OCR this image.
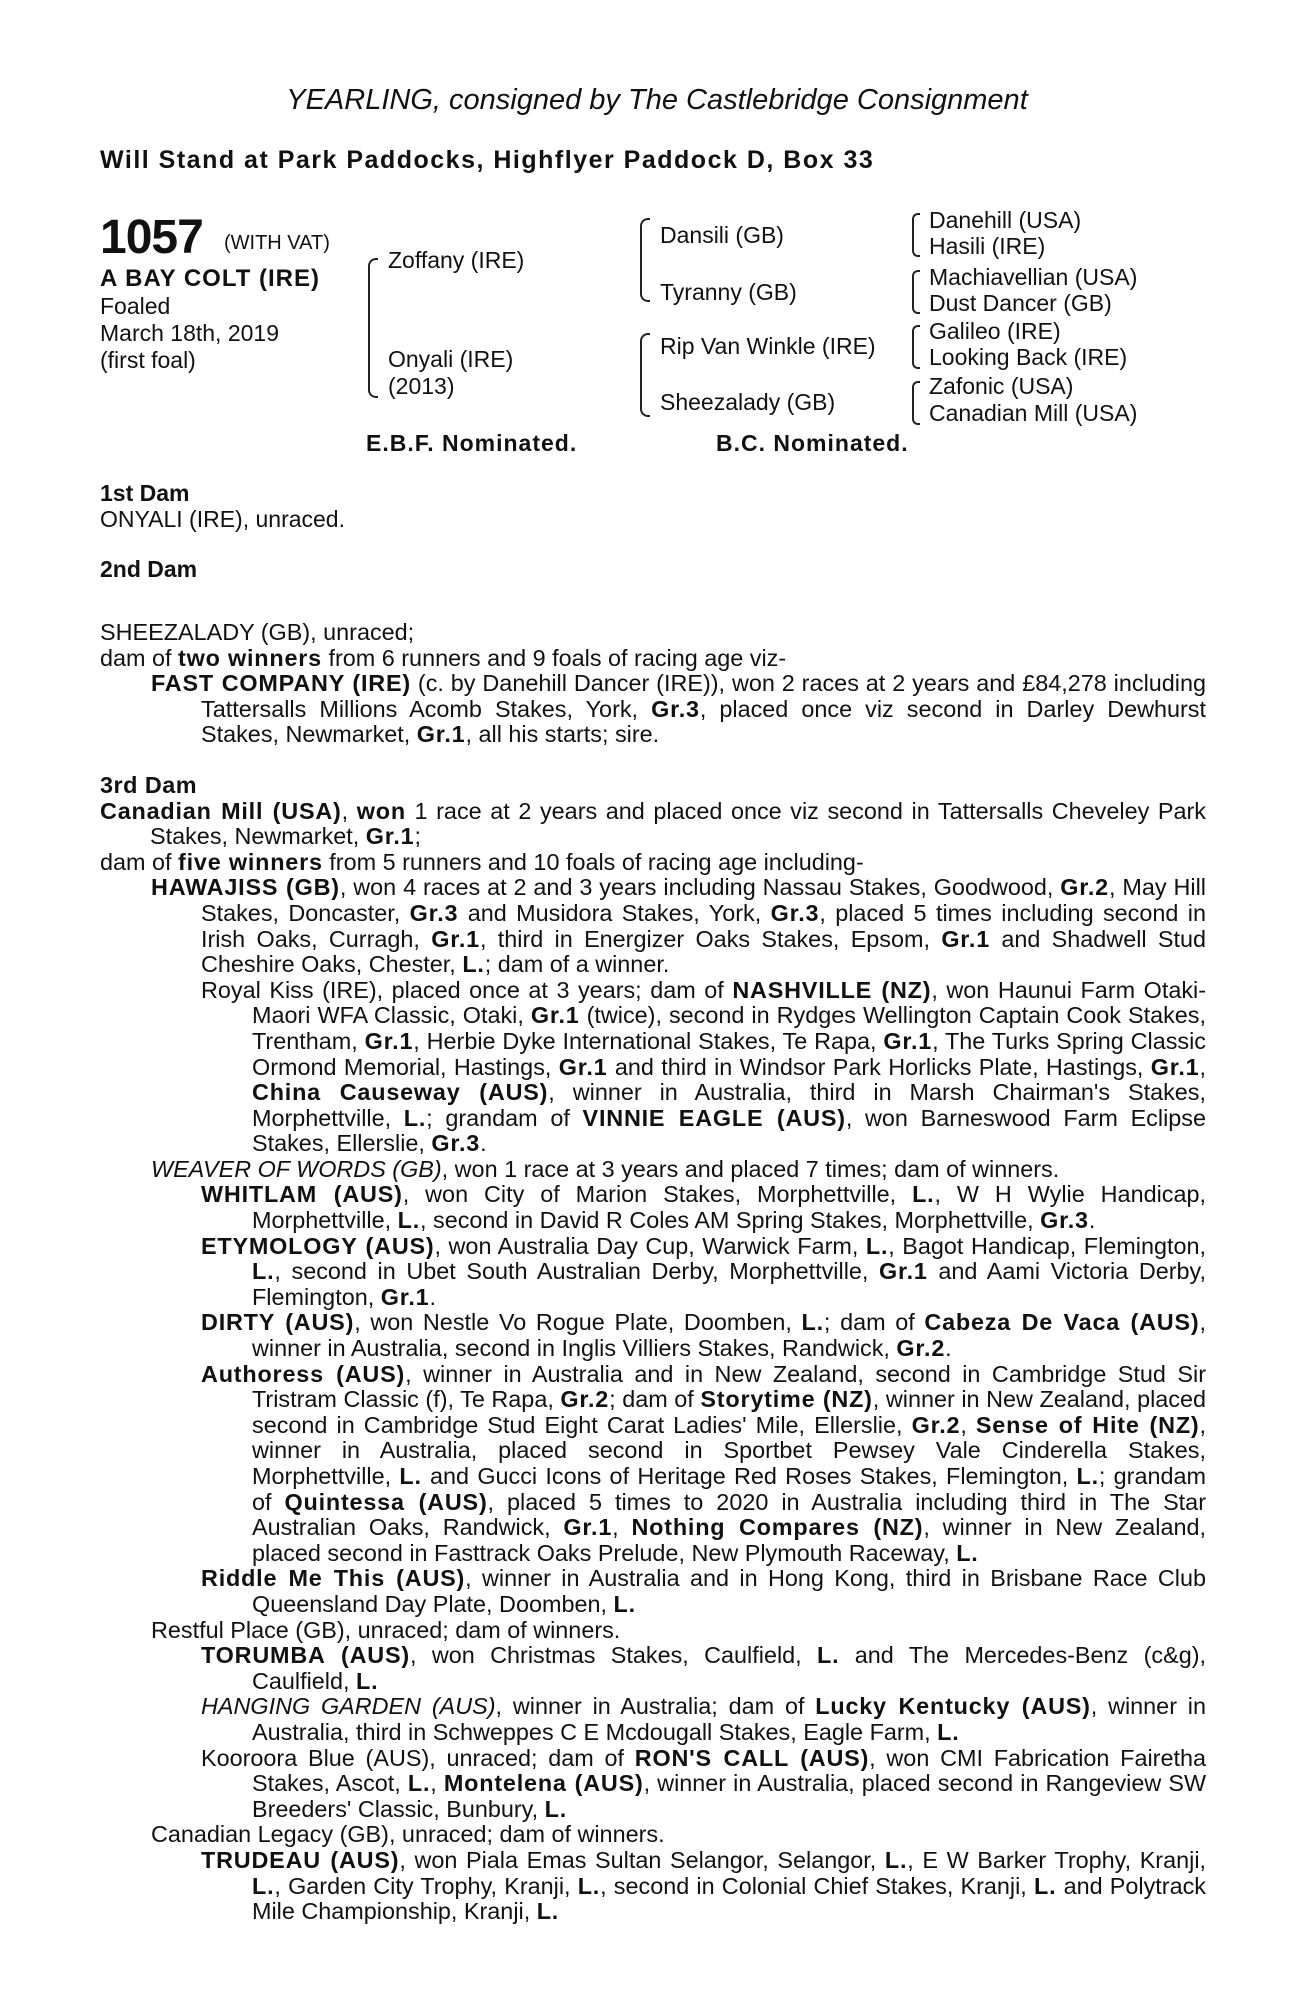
YEARLING, consigned by The Castlebridge Consignment
Will Stand at Park Paddocks, Highflyer Paddock D, Box 33
1057 (WITH VAT)
A BAY COLT (IRE)
Foaled
March 18th, 2019
(first foal)
Zoffany (IRE)
Onyali (IRE)
(2013)
Dansili (GB)
Tyranny (GB)
Rip Van Winkle (IRE)
Sheezalady (GB)
Danehill (USA)
Hasili (IRE)
Machiavellian (USA)
Dust Dancer (GB)
Galileo (IRE)
Looking Back (IRE)
Zafonic (USA)
Canadian Mill (USA)
E.B.F. Nominated.	B.C. Nominated.
1st Dam
ONYALI (IRE), unraced.
2nd Dam
SHEEZALADY (GB), unraced;
dam of two winners from 6 runners and 9 foals of racing age viz-
FAST COMPANY (IRE) (c. by Danehill Dancer (IRE)), won 2 races at 2 years and £84,278 including Tattersalls Millions Acomb Stakes, York, Gr.3, placed once viz second in Darley Dewhurst Stakes, Newmarket, Gr.1, all his starts; sire.
3rd Dam
Canadian Mill (USA), won 1 race at 2 years and placed once viz second in Tattersalls Cheveley Park Stakes, Newmarket, Gr.1;
dam of five winners from 5 runners and 10 foals of racing age including-
HAWAJISS (GB), won 4 races at 2 and 3 years including Nassau Stakes, Goodwood, Gr.2, May Hill Stakes, Doncaster, Gr.3 and Musidora Stakes, York, Gr.3, placed 5 times including second in Irish Oaks, Curragh, Gr.1, third in Energizer Oaks Stakes, Epsom, Gr.1 and Shadwell Stud Cheshire Oaks, Chester, L.; dam of a winner.
Royal Kiss (IRE), placed once at 3 years; dam of NASHVILLE (NZ), won Haunui Farm Otaki-Maori WFA Classic, Otaki, Gr.1 (twice), second in Rydges Wellington Captain Cook Stakes, Trentham, Gr.1, Herbie Dyke International Stakes, Te Rapa, Gr.1, The Turks Spring Classic Ormond Memorial, Hastings, Gr.1 and third in Windsor Park Horlicks Plate, Hastings, Gr.1, China Causeway (AUS), winner in Australia, third in Marsh Chairman's Stakes, Morphettville, L.; grandam of VINNIE EAGLE (AUS), won Barneswood Farm Eclipse Stakes, Ellerslie, Gr.3.
WEAVER OF WORDS (GB), won 1 race at 3 years and placed 7 times; dam of winners.
WHITLAM (AUS), won City of Marion Stakes, Morphettville, L., W H Wylie Handicap, Morphettville, L., second in David R Coles AM Spring Stakes, Morphettville, Gr.3.
ETYMOLOGY (AUS), won Australia Day Cup, Warwick Farm, L., Bagot Handicap, Flemington, L., second in Ubet South Australian Derby, Morphettville, Gr.1 and Aami Victoria Derby, Flemington, Gr.1.
DIRTY (AUS), won Nestle Vo Rogue Plate, Doomben, L.; dam of Cabeza De Vaca (AUS), winner in Australia, second in Inglis Villiers Stakes, Randwick, Gr.2.
Authoress (AUS), winner in Australia and in New Zealand, second in Cambridge Stud Sir Tristram Classic (f), Te Rapa, Gr.2; dam of Storytime (NZ), winner in New Zealand, placed second in Cambridge Stud Eight Carat Ladies' Mile, Ellerslie, Gr.2, Sense of Hite (NZ), winner in Australia, placed second in Sportbet Pewsey Vale Cinderella Stakes, Morphettville, L. and Gucci Icons of Heritage Red Roses Stakes, Flemington, L.; grandam of Quintessa (AUS), placed 5 times to 2020 in Australia including third in The Star Australian Oaks, Randwick, Gr.1, Nothing Compares (NZ), winner in New Zealand, placed second in Fasttrack Oaks Prelude, New Plymouth Raceway, L.
Riddle Me This (AUS), winner in Australia and in Hong Kong, third in Brisbane Race Club Queensland Day Plate, Doomben, L.
Restful Place (GB), unraced; dam of winners.
TORUMBA (AUS), won Christmas Stakes, Caulfield, L. and The Mercedes-Benz (c&g), Caulfield, L.
HANGING GARDEN (AUS), winner in Australia; dam of Lucky Kentucky (AUS), winner in Australia, third in Schweppes C E Mcdougall Stakes, Eagle Farm, L.
Kooroora Blue (AUS), unraced; dam of RON'S CALL (AUS), won CMI Fabrication Fairetha Stakes, Ascot, L., Montelena (AUS), winner in Australia, placed second in Rangeview SW Breeders' Classic, Bunbury, L.
Canadian Legacy (GB), unraced; dam of winners.
TRUDEAU (AUS), won Piala Emas Sultan Selangor, Selangor, L., E W Barker Trophy, Kranji, L., Garden City Trophy, Kranji, L., second in Colonial Chief Stakes, Kranji, L. and Polytrack Mile Championship, Kranji, L.
